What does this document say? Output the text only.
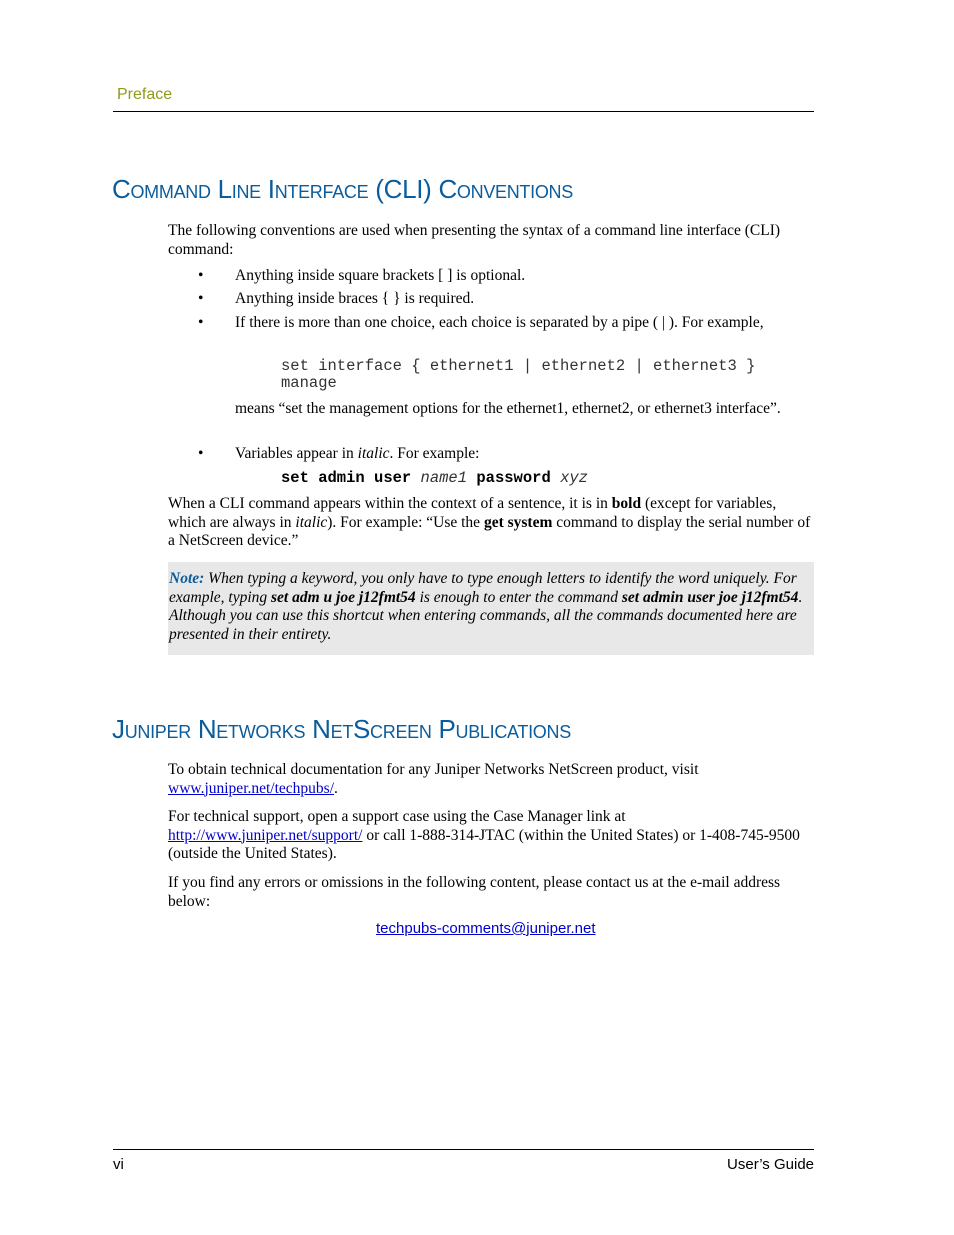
Preface
Command Line Interface (CLI) Conventions

The following conventions are used when presenting the syntax of a command line interface (CLI) command:

• Anything inside square brackets [ ] is optional.

• Anything inside braces { } is required.

• If there is more than one choice, each choice is separated by a pipe ( | ). For example,

set interface { ethernet1 | ethernet2 | ethernet3 }
manage

means “set the management options for the ethernet1, ethernet2, or ethernet3 interface”.

• Variables appear in italic. For example:

set admin user name1 password xyz

When a CLI command appears within the context of a sentence, it is in bold (except for variables, which are always in italic). For example: “Use the get system command to display the serial number of a NetScreen device.”

Note: When typing a keyword, you only have to type enough letters to identify the word uniquely. For example, typing set adm u joe j12fmt54 is enough to enter the command set admin user joe j12fmt54. Although you can use this shortcut when entering commands, all the commands documented here are presented in their entirety.

Juniper Networks NetScreen Publications

To obtain technical documentation for any Juniper Networks NetScreen product, visit www.juniper.net/techpubs/.

For technical support, open a support case using the Case Manager link at http://www.juniper.net/support/ or call 1-888-314-JTAC (within the United States) or 1-408-745-9500 (outside the United States).

If you find any errors or omissions in the following content, please contact us at the e-mail address below:

techpubs-comments@juniper.net
vi	User’s Guide
